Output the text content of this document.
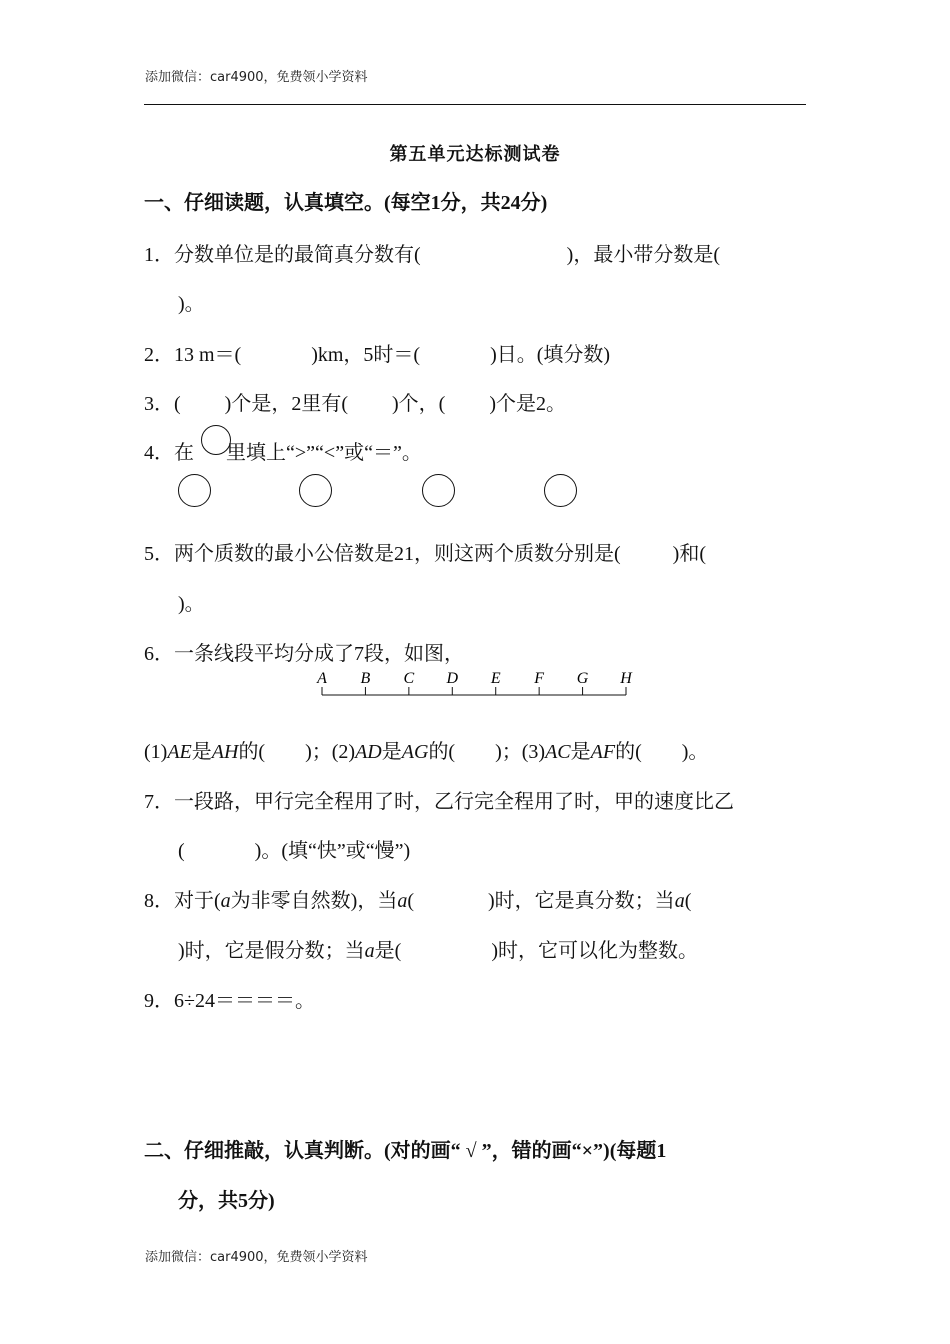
添加微信：car4900，免费领小学资料
第五单元达标测试卷
一、仔细读题，认真填空。(每空1分，共24分)
1．分数单位是的最简真分数有(	)，最小带分数是(
)。
2．13 m＝(	)km，5时＝(	)日。(填分数)
3．( )个是，2里有( )个，( )个是2。
4．在 里填上“>”“<”或“＝”。
5．两个质数的最小公倍数是21，则这两个质数分别是(	)和(
)。
6．一条线段平均分成了7段，如图，
A B C D E F G H
(1)AE是AH的( )；(2)AD是AG的( )；(3)AC是AF的( )。
7．一段路，甲行完全程用了时，乙行完全程用了时，甲的速度比乙
(	)。(填“快”或“慢”)
8．对于(a为非零自然数)，当a(	)时，它是真分数；当a(
)时，它是假分数；当a是(	)时，它可以化为整数。
9．6÷24＝＝＝＝。
二、仔细推敲，认真判断。(对的画“ √ ”，错的画“×”)(每题1
分，共5分)
添加微信：car4900，免费领小学资料
